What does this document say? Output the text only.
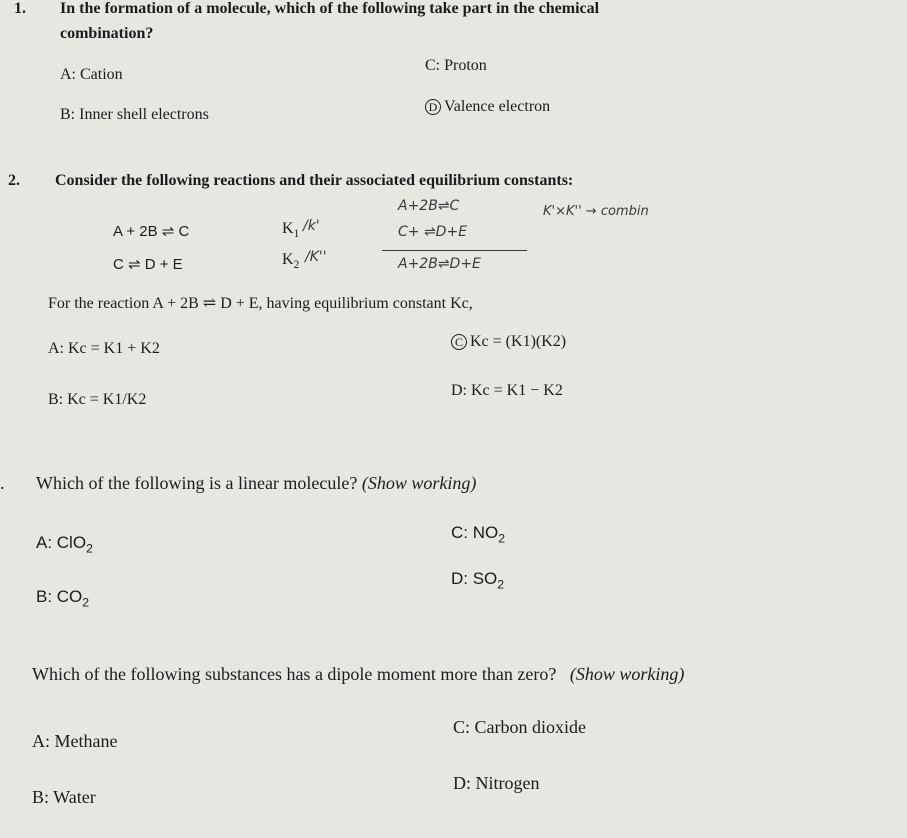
1. In the formation of a molecule, which of the following take part in the chemical
combination?
A: Cation
C: Proton
B: Inner shell electrons	D Valence electron
2. Consider the following reactions and their associated equilibrium constants:
A + 2B ⇌ C	$K_1$
/k'
C ⇌ D + E	$K_2$
/K''
A+2B⇌C
C+ ⇌D+E
A+2B⇌D+E
K'×K'' → combin
For the reaction A + 2B ⇌ D + E, having equilibrium constant Kc,
A: Kc = K1 + K2	C Kc = (K1)(K2)
B: Kc = K1/K2
D: Kc = K1 − K2
. Which of the following is a linear molecule? (Show working)
A: ClO$_2$
C: $NO_2$
B: $CO_2$
D: $SO_2$
Which of the following substances has a dipole moment more than zero? (Show working)
A: Methane
C: Carbon dioxide
B: Water
D: Nitrogen
